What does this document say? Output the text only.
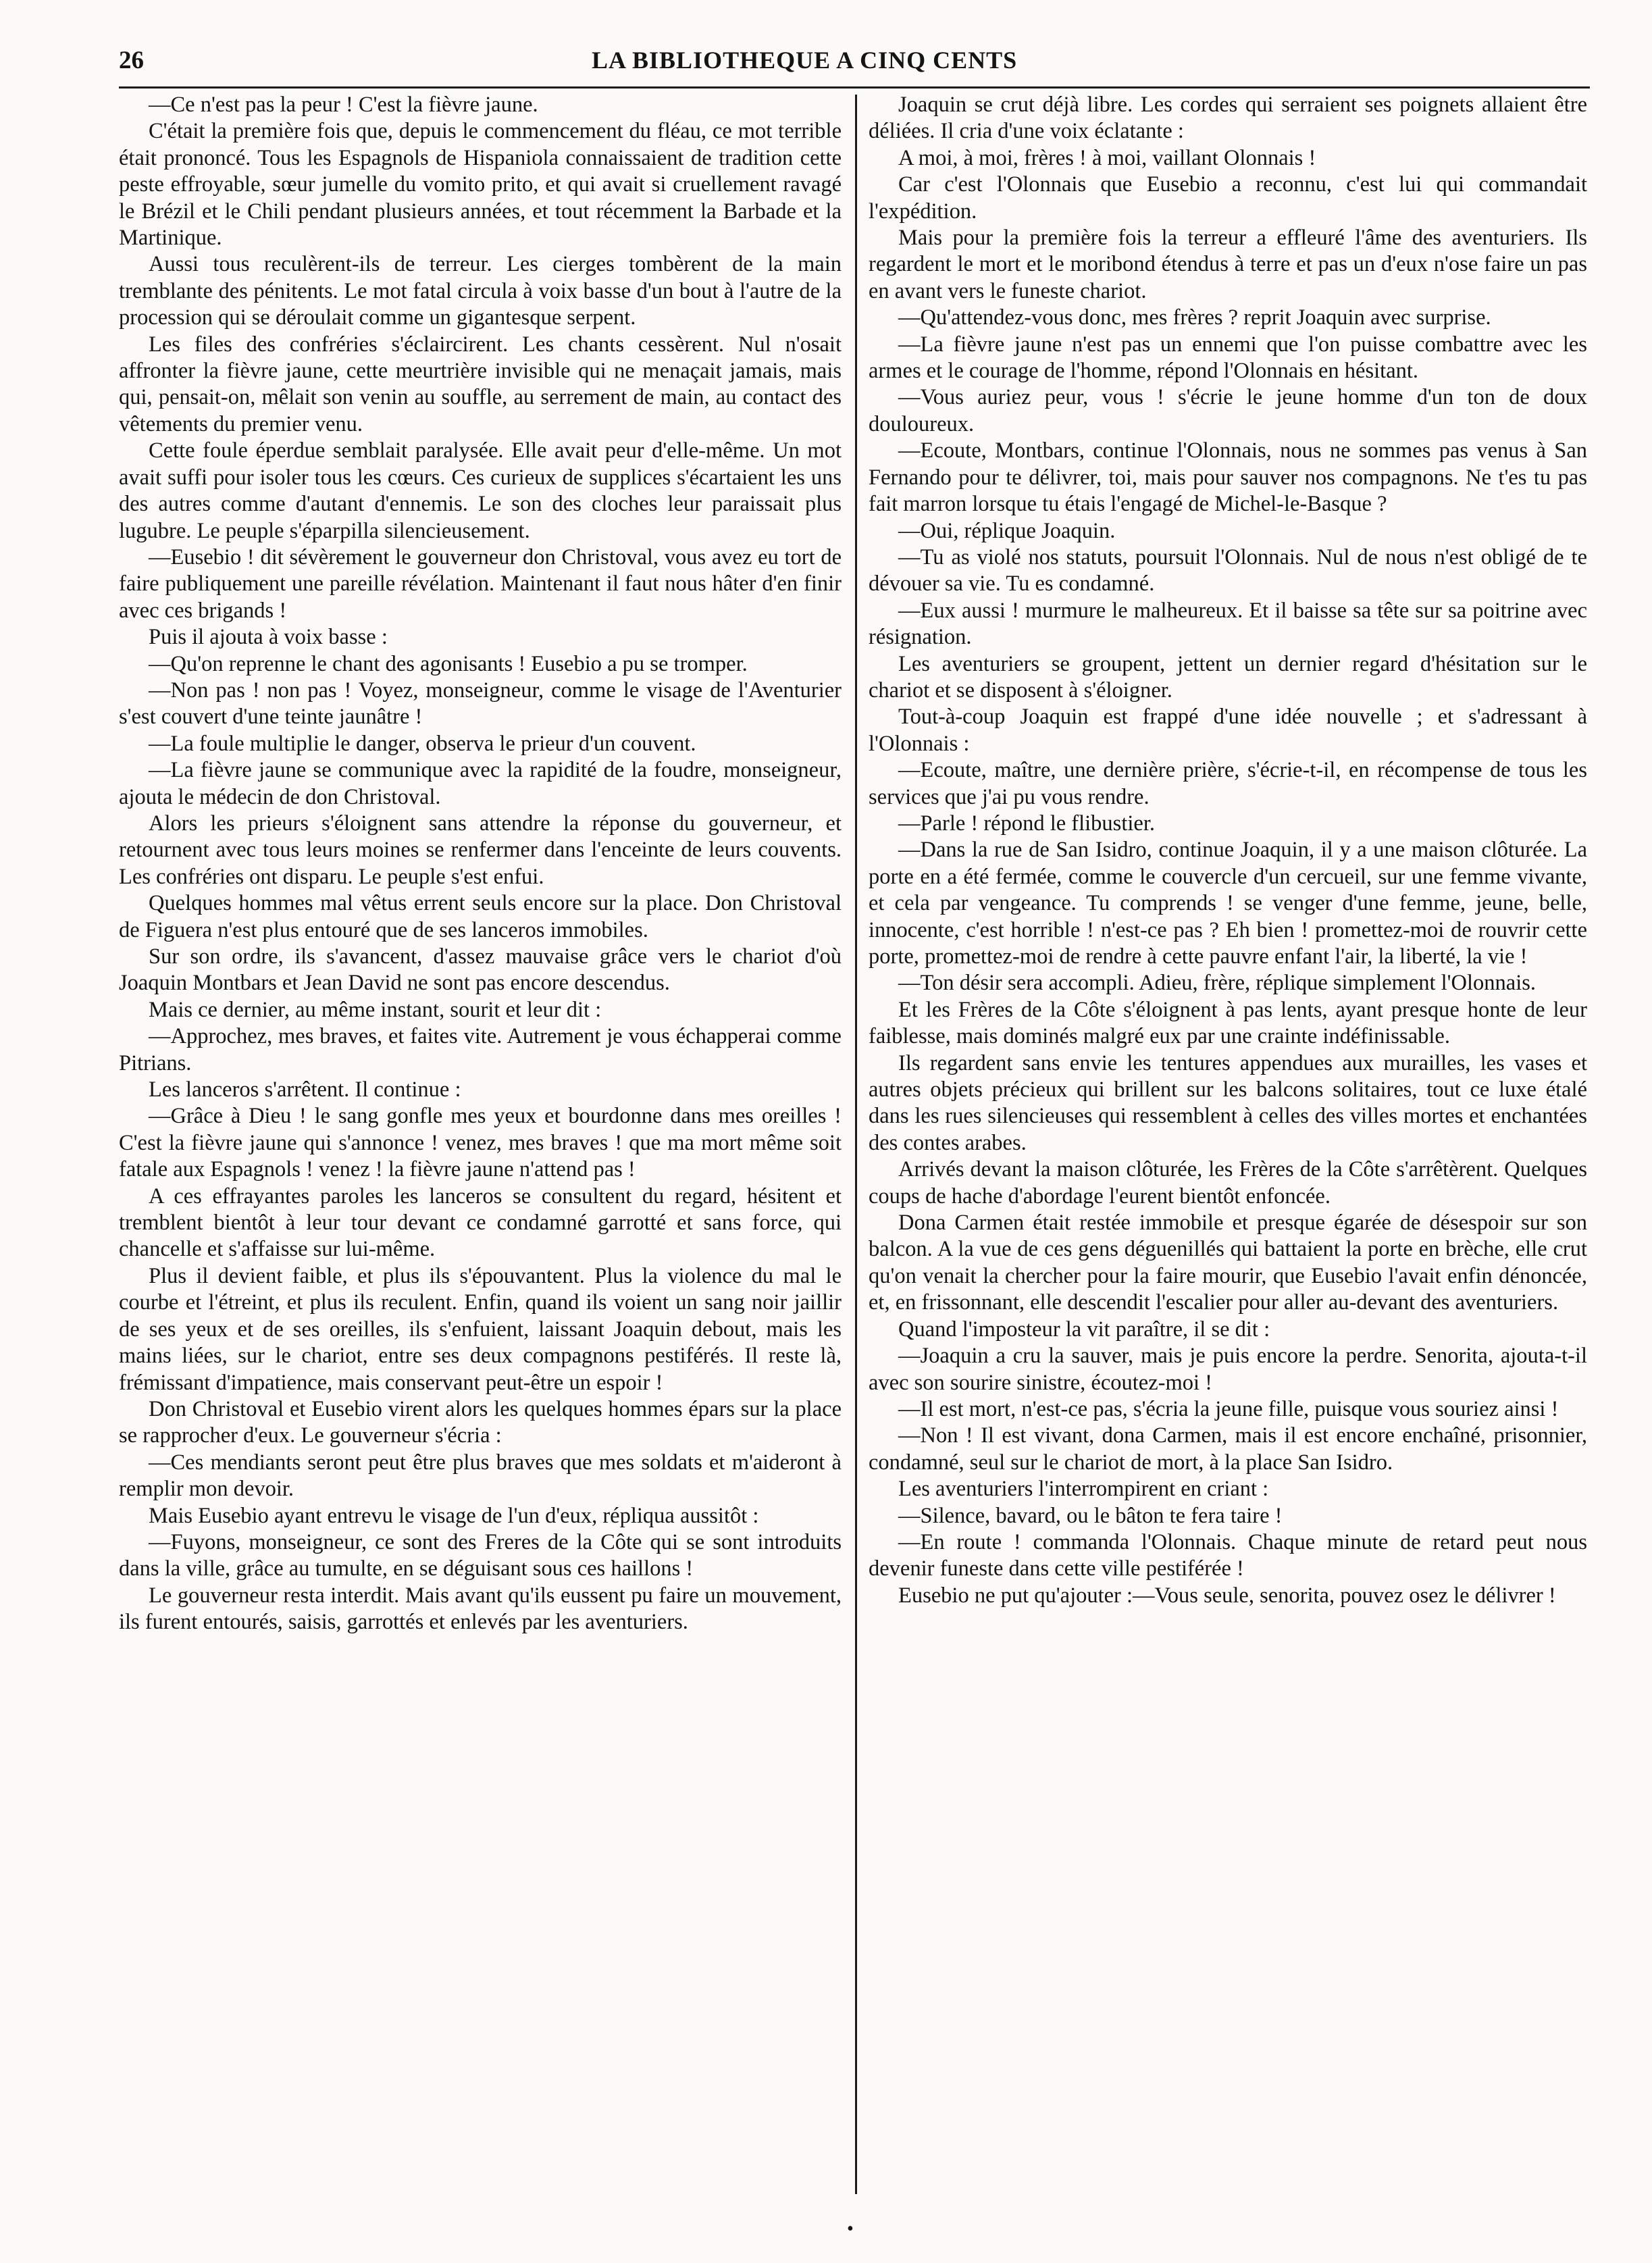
26	LA BIBLIOTHEQUE A CINQ CENTS

—Ce n'est pas la peur ! C'est la fièvre jaune.

C'était la première fois que, depuis le commencement du fléau, ce mot terrible était prononcé. Tous les Espagnols de Hispaniola connaissaient de tradition cette peste effroyable, sœur jumelle du vomito prito, et qui avait si cruellement ravagé le Brézil et le Chili pendant plusieurs années, et tout récemment la Barbade et la Martinique.

Aussi tous reculèrent-ils de terreur. Les cierges tombèrent de la main tremblante des pénitents. Le mot fatal circula à voix basse d'un bout à l'autre de la procession qui se déroulait comme un gigantesque serpent.

Les files des confréries s'éclaircirent. Les chants cessèrent. Nul n'osait affronter la fièvre jaune, cette meurtrière invisible qui ne menaçait jamais, mais qui, pensait-on, mêlait son venin au souffle, au serrement de main, au contact des vêtements du premier venu.

Cette foule éperdue semblait paralysée. Elle avait peur d'elle-même. Un mot avait suffi pour isoler tous les cœurs. Ces curieux de supplices s'écartaient les uns des autres comme d'autant d'ennemis. Le son des cloches leur paraissait plus lugubre. Le peuple s'éparpilla silencieusement.

—Eusebio ! dit sévèrement le gouverneur don Christoval, vous avez eu tort de faire publiquement une pareille révélation. Maintenant il faut nous hâter d'en finir avec ces brigands !

Puis il ajouta à voix basse :

—Qu'on reprenne le chant des agonisants ! Eusebio a pu se tromper.

—Non pas ! non pas ! Voyez, monseigneur, comme le visage de l'Aventurier s'est couvert d'une teinte jaunâtre !

—La foule multiplie le danger, observa le prieur d'un couvent.

—La fièvre jaune se communique avec la rapidité de la foudre, monseigneur, ajouta le médecin de don Christoval.

Alors les prieurs s'éloignent sans attendre la réponse du gouverneur, et retournent avec tous leurs moines se renfermer dans l'enceinte de leurs couvents. Les confréries ont disparu. Le peuple s'est enfui.

Quelques hommes mal vêtus errent seuls encore sur la place. Don Christoval de Figuera n'est plus entouré que de ses lanceros immobiles.

Sur son ordre, ils s'avancent, d'assez mauvaise grâce vers le chariot d'où Joaquin Montbars et Jean David ne sont pas encore descendus.

Mais ce dernier, au même instant, sourit et leur dit :

—Approchez, mes braves, et faites vite. Autrement je vous échapperai comme Pitrians.

Les lanceros s'arrêtent. Il continue :

—Grâce à Dieu ! le sang gonfle mes yeux et bourdonne dans mes oreilles ! C'est la fièvre jaune qui s'annonce ! venez, mes braves ! que ma mort même soit fatale aux Espagnols ! venez ! la fièvre jaune n'attend pas !

A ces effrayantes paroles les lanceros se consultent du regard, hésitent et tremblent bientôt à leur tour devant ce condamné garrotté et sans force, qui chancelle et s'affaisse sur lui-même.

Plus il devient faible, et plus ils s'épouvantent. Plus la violence du mal le courbe et l'étreint, et plus ils reculent. Enfin, quand ils voient un sang noir jaillir de ses yeux et de ses oreilles, ils s'enfuient, laissant Joaquin debout, mais les mains liées, sur le chariot, entre ses deux compagnons pestiférés. Il reste là, frémissant d'impatience, mais conservant peut-être un espoir !

Don Christoval et Eusebio virent alors les quelques hommes épars sur la place se rapprocher d'eux. Le gouverneur s'écria :

—Ces mendiants seront peut être plus braves que mes soldats et m'aideront à remplir mon devoir.

Mais Eusebio ayant entrevu le visage de l'un d'eux, répliqua aussitôt :

—Fuyons, monseigneur, ce sont des Freres de la Côte qui se sont introduits dans la ville, grâce au tumulte, en se déguisant sous ces haillons !

Le gouverneur resta interdit. Mais avant qu'ils eussent pu faire un mouvement, ils furent entourés, saisis, garrottés et enlevés par les aventuriers.

Joaquin se crut déjà libre. Les cordes qui serraient ses poignets allaient être déliées. Il cria d'une voix éclatante :

A moi, à moi, frères ! à moi, vaillant Olonnais !

Car c'est l'Olonnais que Eusebio a reconnu, c'est lui qui commandait l'expédition.

Mais pour la première fois la terreur a effleuré l'âme des aventuriers. Ils regardent le mort et le moribond étendus à terre et pas un d'eux n'ose faire un pas en avant vers le funeste chariot.

—Qu'attendez-vous donc, mes frères ? reprit Joaquin avec surprise.

—La fièvre jaune n'est pas un ennemi que l'on puisse combattre avec les armes et le courage de l'homme, répond l'Olonnais en hésitant.

—Vous auriez peur, vous ! s'écrie le jeune homme d'un ton de doux douloureux.

—Ecoute, Montbars, continue l'Olonnais, nous ne sommes pas venus à San Fernando pour te délivrer, toi, mais pour sauver nos compagnons. Ne t'es tu pas fait marron lorsque tu étais l'engagé de Michel-le-Basque ?

—Oui, réplique Joaquin.

—Tu as violé nos statuts, poursuit l'Olonnais. Nul de nous n'est obligé de te dévouer sa vie. Tu es condamné.

—Eux aussi ! murmure le malheureux. Et il baisse sa tête sur sa poitrine avec résignation.

Les aventuriers se groupent, jettent un dernier regard d'hésitation sur le chariot et se disposent à s'éloigner.

Tout-à-coup Joaquin est frappé d'une idée nouvelle ; et s'adressant à l'Olonnais :

—Ecoute, maître, une dernière prière, s'écrie-t-il, en récompense de tous les services que j'ai pu vous rendre.

—Parle ! répond le flibustier.

—Dans la rue de San Isidro, continue Joaquin, il y a une maison clôturée. La porte en a été fermée, comme le couvercle d'un cercueil, sur une femme vivante, et cela par vengeance. Tu comprends ! se venger d'une femme, jeune, belle, innocente, c'est horrible ! n'est-ce pas ? Eh bien ! promettez-moi de rouvrir cette porte, promettez-moi de rendre à cette pauvre enfant l'air, la liberté, la vie !

—Ton désir sera accompli. Adieu, frère, réplique simplement l'Olonnais.

Et les Frères de la Côte s'éloignent à pas lents, ayant presque honte de leur faiblesse, mais dominés malgré eux par une crainte indéfinissable.

Ils regardent sans envie les tentures appendues aux murailles, les vases et autres objets précieux qui brillent sur les balcons solitaires, tout ce luxe étalé dans les rues silencieuses qui ressemblent à celles des villes mortes et enchantées des contes arabes.

Arrivés devant la maison clôturée, les Frères de la Côte s'arrêtèrent. Quelques coups de hache d'abordage l'eurent bientôt enfoncée.

Dona Carmen était restée immobile et presque égarée de désespoir sur son balcon. A la vue de ces gens déguenillés qui battaient la porte en brèche, elle crut qu'on venait la chercher pour la faire mourir, que Eusebio l'avait enfin dénoncée, et, en frissonnant, elle descendit l'escalier pour aller au-devant des aventuriers.

Quand l'imposteur la vit paraître, il se dit :

—Joaquin a cru la sauver, mais je puis encore la perdre. Senorita, ajouta-t-il avec son sourire sinistre, écoutez-moi !

—Il est mort, n'est-ce pas, s'écria la jeune fille, puisque vous souriez ainsi !

—Non ! Il est vivant, dona Carmen, mais il est encore enchaîné, prisonnier, condamné, seul sur le chariot de mort, à la place San Isidro.

Les aventuriers l'interrompirent en criant :

—Silence, bavard, ou le bâton te fera taire !

—En route ! commanda l'Olonnais. Chaque minute de retard peut nous devenir funeste dans cette ville pestiférée !

Eusebio ne put qu'ajouter :—Vous seule, senorita, pouvez osez le délivrer !

•
